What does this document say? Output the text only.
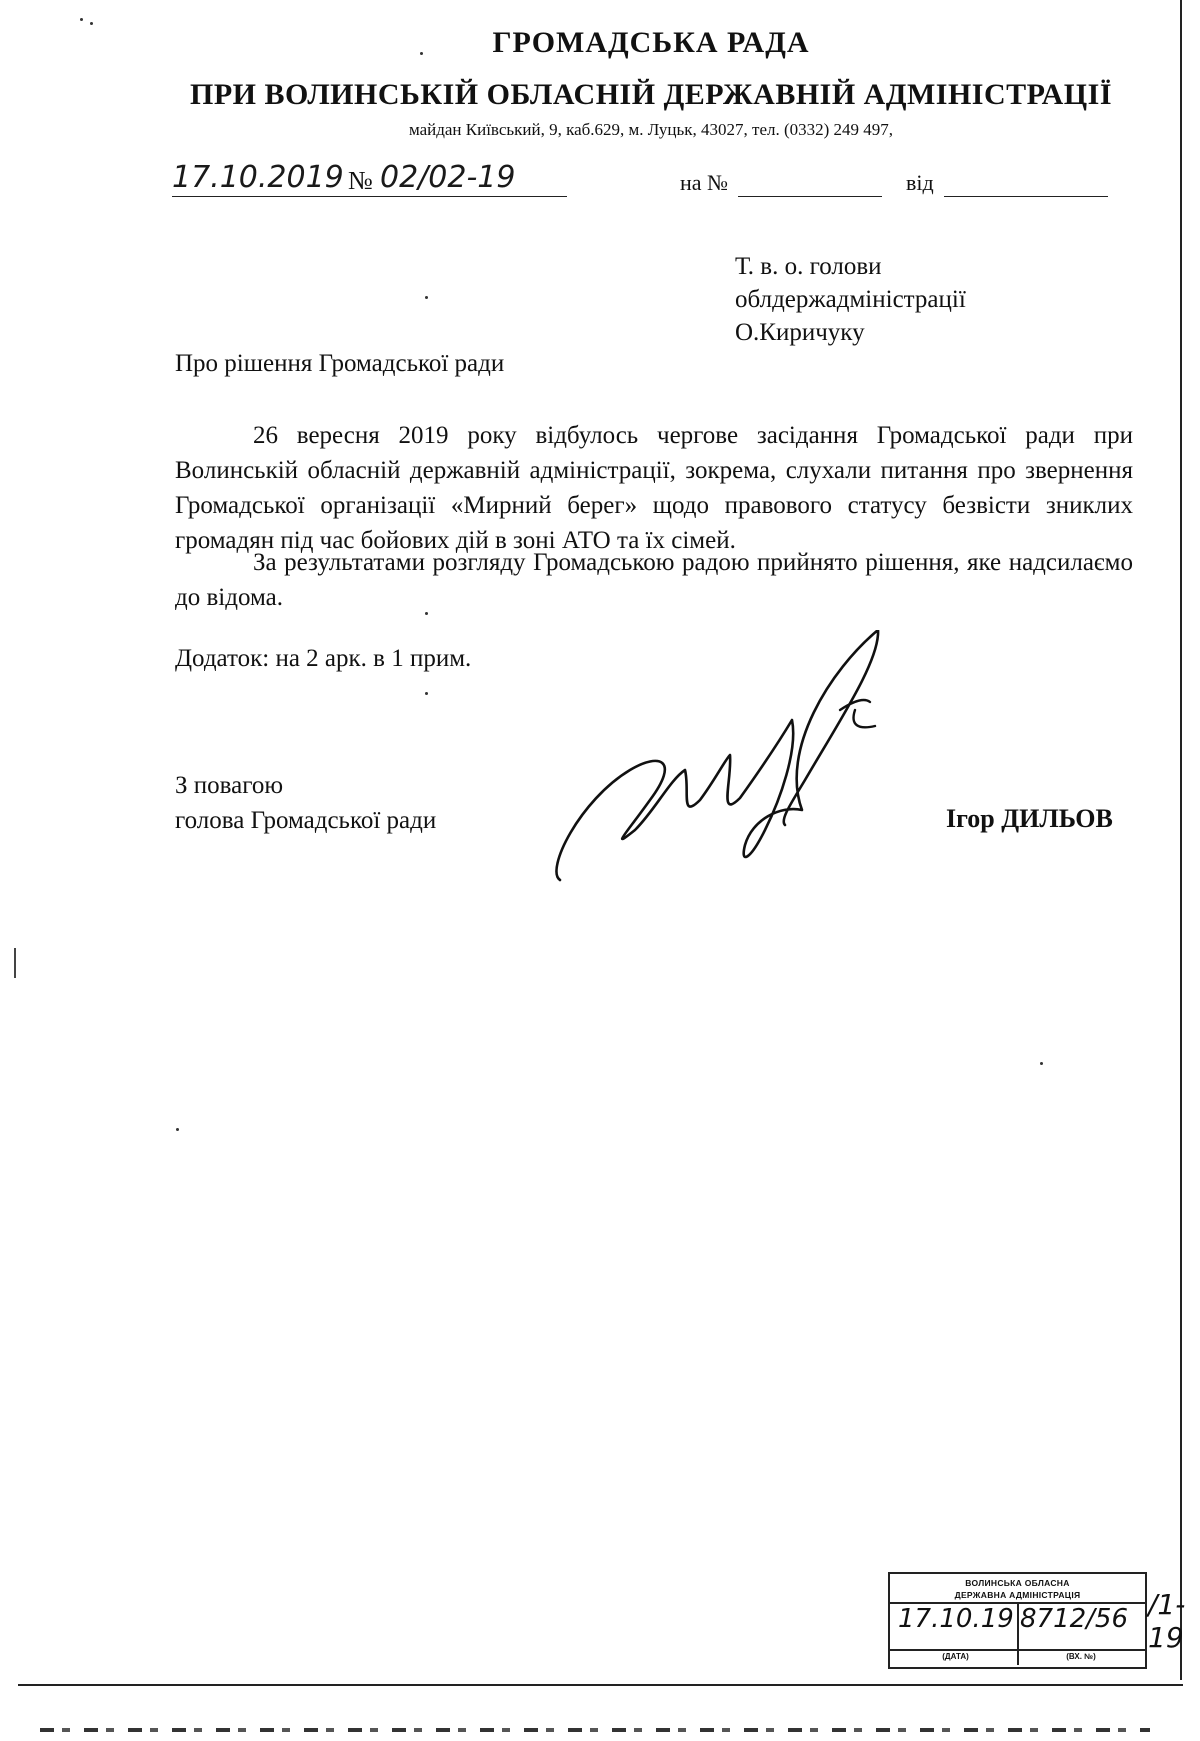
ГРОМАДСЬКА РАДА
ПРИ ВОЛИНСЬКІЙ ОБЛАСНІЙ ДЕРЖАВНІЙ АДМІНІСТРАЦІЇ
майдан Київський, 9, каб.629, м. Луцьк, 43027, тел. (0332) 249 497,
17.10.2019 № 02/02-19	на №	від
Т. в. о. голови
облдержадміністрації
О.Киричуку
Про рішення Громадської ради
26 вересня 2019 року відбулось чергове засідання Громадської ради при Волинській обласній державній адміністрації, зокрема, слухали питання про звернення Громадської організації «Мирний берег» щодо правового статусу безвісти зниклих громадян під час бойових дій в зоні АТО та їх сімей.
За результатами розгляду Громадською радою прийнято рішення, яке надсилаємо до відома.
Додаток: на 2 арк. в 1 прим.
З повагою
голова Громадської ради	Ігор ДИЛЬОВ
ВОЛИНСЬКА ОБЛАСНА
ДЕРЖАВНА АДМІНІСТРАЦІЯ
17.10.19 8712/56
(ДАТА)	(ВХ. №)
/1-19
